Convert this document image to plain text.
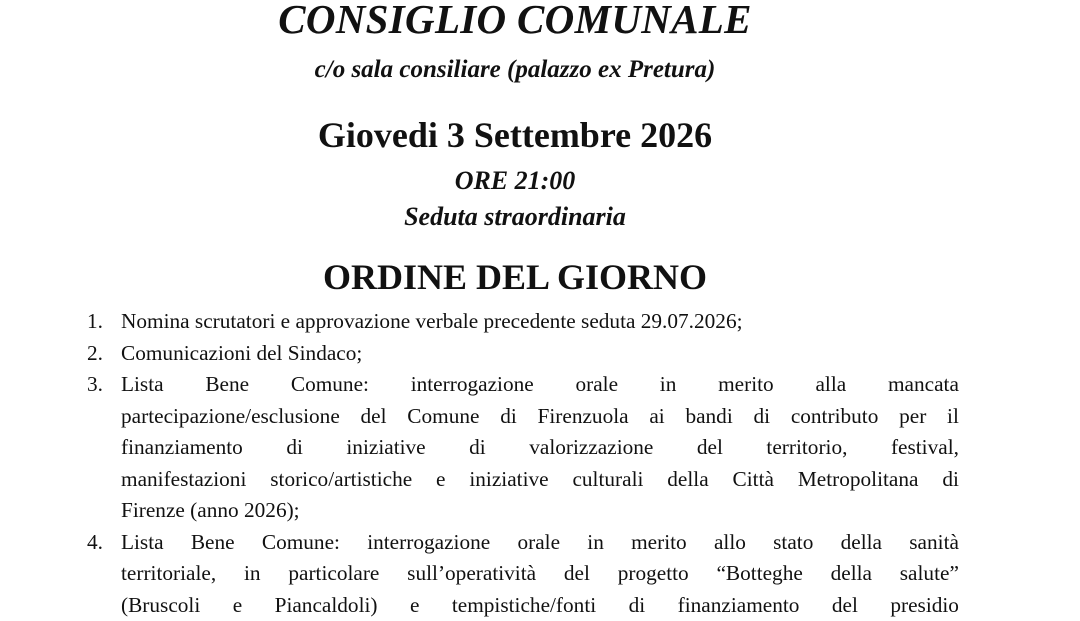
CONSIGLIO COMUNALE
c/o sala consiliare (palazzo ex Pretura)
Giovedi 3 Settembre 2026
ORE 21:00
Seduta straordinaria
ORDINE DEL GIORNO
1. Nomina scrutatori e approvazione verbale precedente seduta 29.07.2026;
2. Comunicazioni del Sindaco;
3. Lista Bene Comune: interrogazione orale in merito alla mancata
partecipazione/esclusione del Comune di Firenzuola ai bandi di contributo per il
finanziamento di iniziative di valorizzazione del territorio, festival,
manifestazioni storico/artistiche e iniziative culturali della Città Metropolitana di
Firenze (anno 2026);
4. Lista Bene Comune: interrogazione orale in merito allo stato della sanità
territoriale, in particolare sull’operatività del progetto “Botteghe della salute”
(Bruscoli e Piancaldoli) e tempistiche/fonti di finanziamento del presidio
